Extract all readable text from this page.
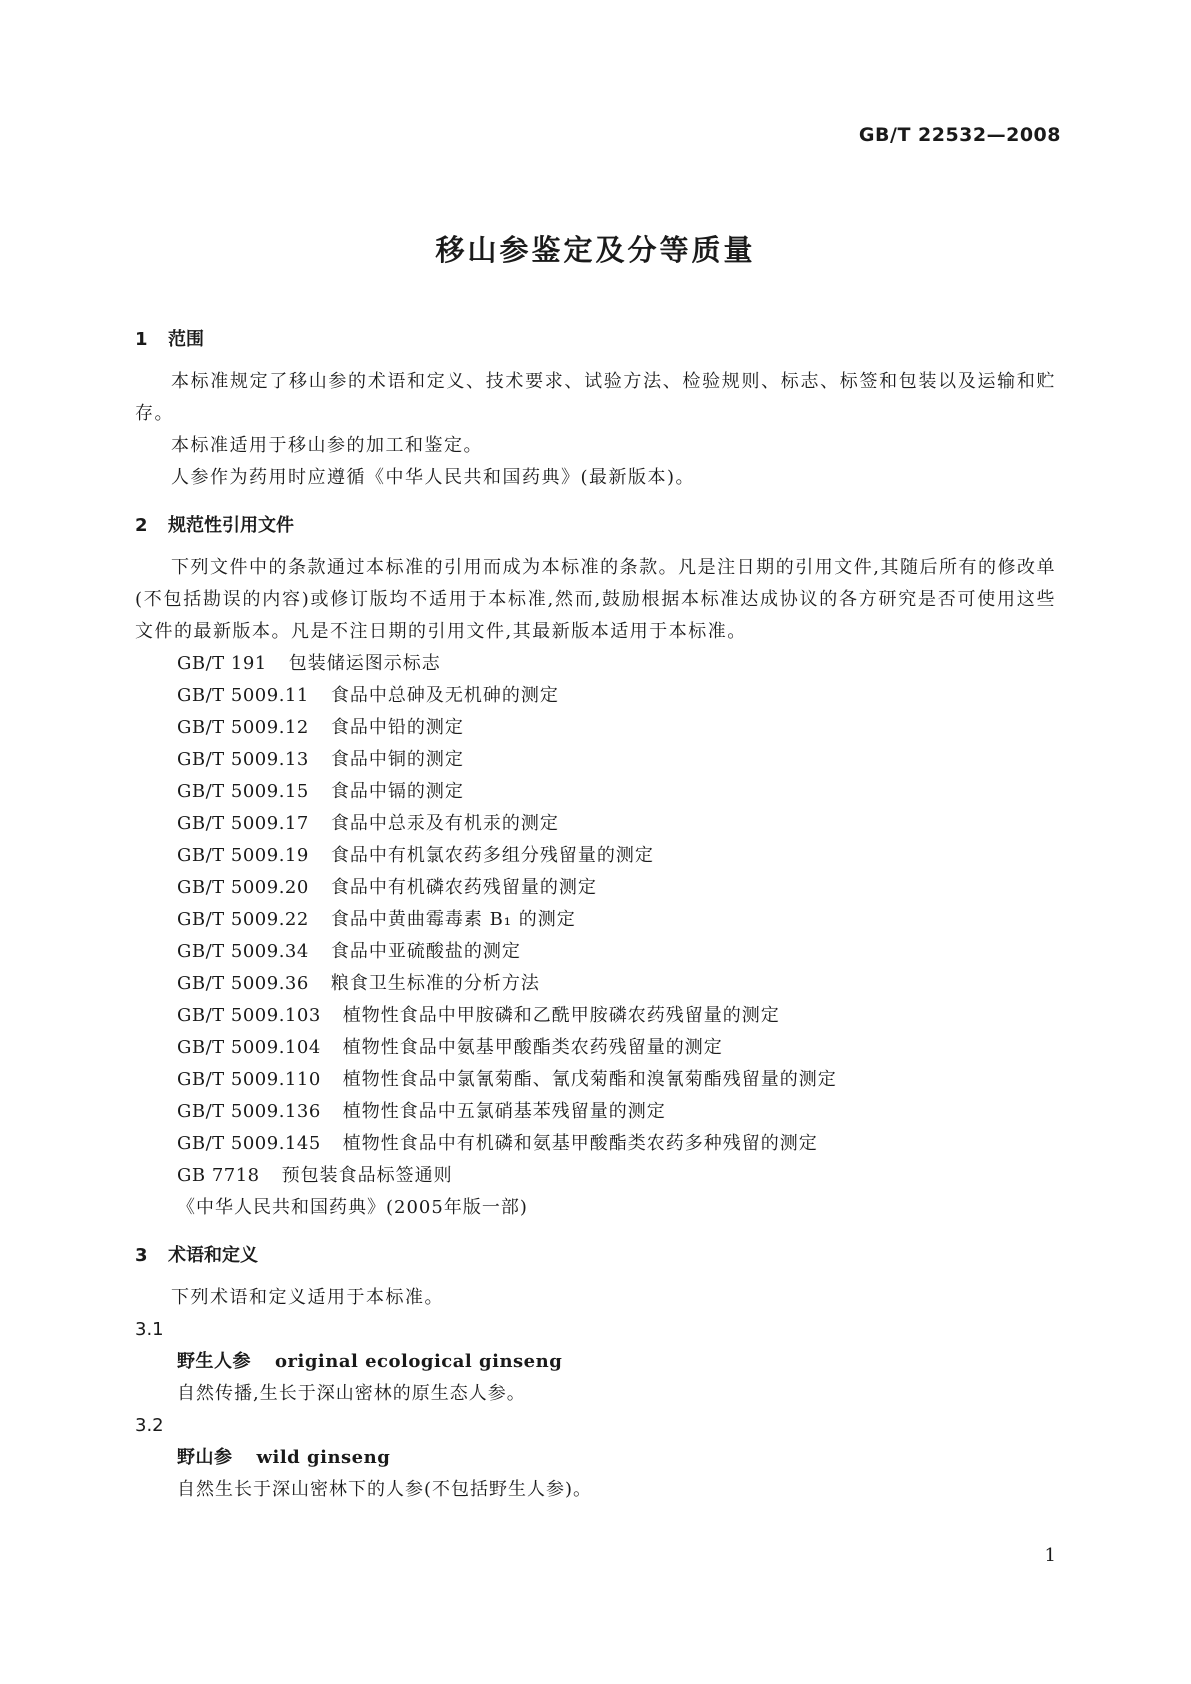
GB/T 22532—2008
移山参鉴定及分等质量
1 范围

本标准规定了移山参的术语和定义、技术要求、试验方法、检验规则、标志、标签和包装以及运输和贮存。

本标准适用于移山参的加工和鉴定。

人参作为药用时应遵循《中华人民共和国药典》(最新版本)。

2 规范性引用文件

下列文件中的条款通过本标准的引用而成为本标准的条款。凡是注日期的引用文件,其随后所有的修改单(不包括勘误的内容)或修订版均不适用于本标准,然而,鼓励根据本标准达成协议的各方研究是否可使用这些文件的最新版本。凡是不注日期的引用文件,其最新版本适用于本标准。

GB/T 191 包装储运图示标志
GB/T 5009.11 食品中总砷及无机砷的测定
GB/T 5009.12 食品中铅的测定
GB/T 5009.13 食品中铜的测定
GB/T 5009.15 食品中镉的测定
GB/T 5009.17 食品中总汞及有机汞的测定
GB/T 5009.19 食品中有机氯农药多组分残留量的测定
GB/T 5009.20 食品中有机磷农药残留量的测定
GB/T 5009.22 食品中黄曲霉毒素 B₁ 的测定
GB/T 5009.34 食品中亚硫酸盐的测定
GB/T 5009.36 粮食卫生标准的分析方法
GB/T 5009.103 植物性食品中甲胺磷和乙酰甲胺磷农药残留量的测定
GB/T 5009.104 植物性食品中氨基甲酸酯类农药残留量的测定
GB/T 5009.110 植物性食品中氯氰菊酯、氰戊菊酯和溴氰菊酯残留量的测定
GB/T 5009.136 植物性食品中五氯硝基苯残留量的测定
GB/T 5009.145 植物性食品中有机磷和氨基甲酸酯类农药多种残留的测定
GB 7718 预包装食品标签通则
《中华人民共和国药典》(2005年版一部)
3 术语和定义

下列术语和定义适用于本标准。

3.1
野生人参 original ecological ginseng
自然传播,生长于深山密林的原生态人参。
3.2
野山参 wild ginseng
自然生长于深山密林下的人参(不包括野生人参)。
1
